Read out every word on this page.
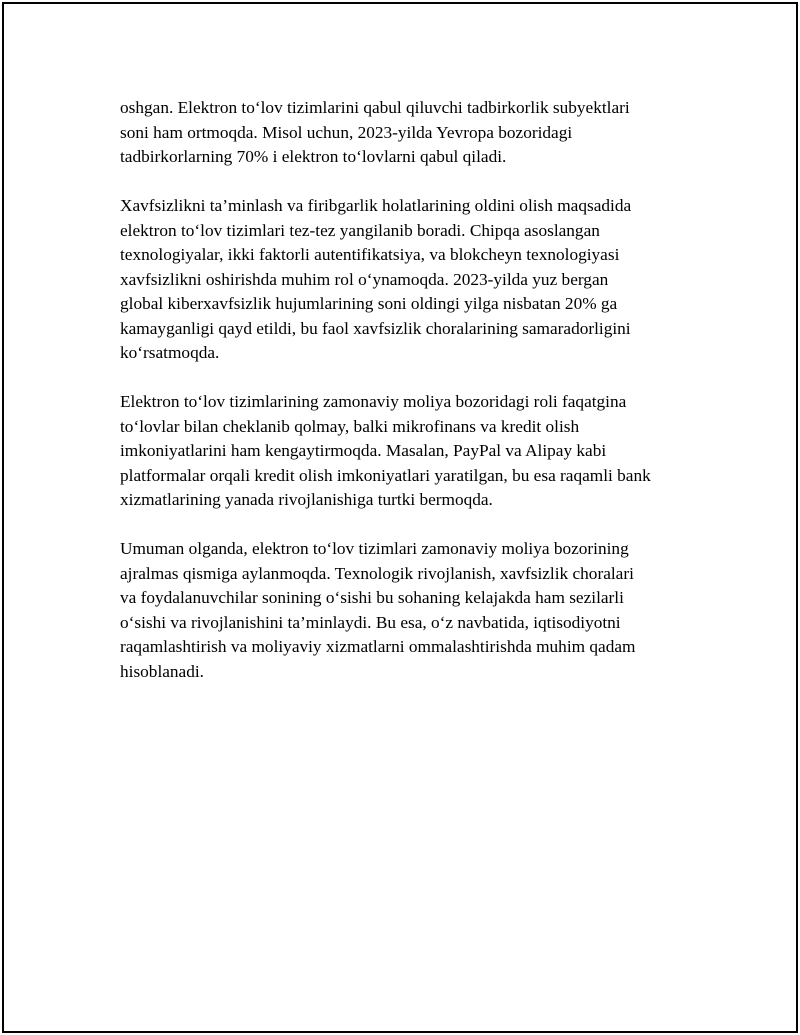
oshgan. Elektron to‘lov tizimlarini qabul qiluvchi tadbirkorlik subyektlari
soni ham ortmoqda. Misol uchun, 2023-yilda Yevropa bozoridagi
tadbirkorlarning 70% i elektron to‘lovlarni qabul qiladi.

Xavfsizlikni ta’minlash va firibgarlik holatlarining oldini olish maqsadida
elektron to‘lov tizimlari tez-tez yangilanib boradi. Chipqa asoslangan
texnologiyalar, ikki faktorli autentifikatsiya, va blokcheyn texnologiyasi
xavfsizlikni oshirishda muhim rol o‘ynamoqda. 2023-yilda yuz bergan
global kiberxavfsizlik hujumlarining soni oldingi yilga nisbatan 20% ga
kamayganligi qayd etildi, bu faol xavfsizlik choralarining samaradorligini
ko‘rsatmoqda.

Elektron to‘lov tizimlarining zamonaviy moliya bozoridagi roli faqatgina
to‘lovlar bilan cheklanib qolmay, balki mikrofinans va kredit olish
imkoniyatlarini ham kengaytirmoqda. Masalan, PayPal va Alipay kabi
platformalar orqali kredit olish imkoniyatlari yaratilgan, bu esa raqamli bank
xizmatlarining yanada rivojlanishiga turtki bermoqda.

Umuman olganda, elektron to‘lov tizimlari zamonaviy moliya bozorining
ajralmas qismiga aylanmoqda. Texnologik rivojlanish, xavfsizlik choralari
va foydalanuvchilar sonining o‘sishi bu sohaning kelajakda ham sezilarli
o‘sishi va rivojlanishini ta’minlaydi. Bu esa, o‘z navbatida, iqtisodiyotni
raqamlashtirish va moliyaviy xizmatlarni ommalashtirishda muhim qadam
hisoblanadi.
